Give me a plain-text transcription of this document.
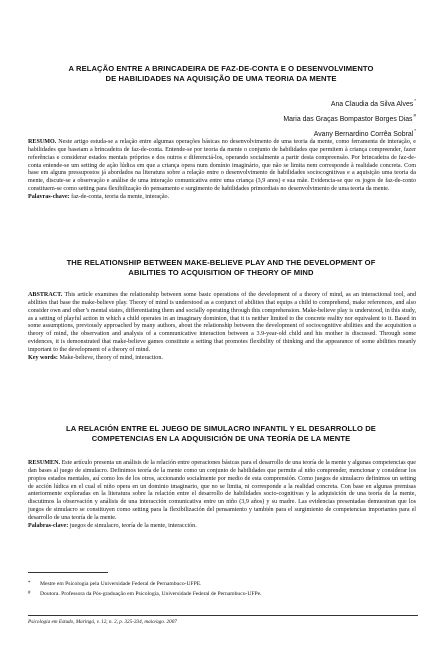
A RELAÇÃO ENTRE A BRINCADEIRA DE FAZ-DE-CONTA E O DESENVOLVIMENTO
DE HABILIDADES NA AQUISIÇÃO DE UMA TEORIA DA MENTE
Ana Claudia da Silva Alves*
Maria das Graças Bompastor Borges Dias#
Avany Bernardino Corrêa Sobral*
RESUMO. Neste artigo estuda-se a relação entre algumas operações básicas no desenvolvimento de uma teoria da mente, como ferramenta de interação, e habilidades que baseiam a brincadeira de faz-de-conta. Entende-se por teoria da mente o conjunto de habilidades que permitem à criança compreender, fazer referências e considerar estados mentais próprios e dos outros e diferenciá-los, operando socialmente a partir desta compreensão. Por brincadeira de faz-de-conta entende-se um setting de ação lúdica em que a criança opera num domínio imaginário, que não se limita nem corresponde à realidade concreta. Com base em alguns pressupostos já abordados na literatura sobre a relação entre o desenvolvimento de habilidades sociocognitivas e a aquisição uma teoria da mente, discute-se a observação e análise de uma interação comunicativa entre uma criança (3,9 anos) e sua mãe. Evidencia-se que os jogos de faz-de-conto constituem-se como setting para flexibilização do pensamento e surgimento de habilidades primordiais no desenvolvimento de uma teoria da mente.
Palavras-chave: faz-de-conta, teoria da mente, interação.
THE RELATIONSHIP BETWEEN MAKE-BELIEVE PLAY AND THE DEVELOPMENT OF
ABILITIES TO ACQUISITION OF THEORY OF MIND
ABSTRACT. This article examines the relationship between some basic operations of the development of a theory of mind, as an interactional tool, and abilities that base the make-believe play. Theory of mind is understood as a conjunct of abilities that equips a child to comprehend, make references, and also consider own and other’s mental states, differentiating them and socially operating through this comprehension. Make-believe play is understood, in this study, as a setting of playful action in which a child operates in an imaginary dominion, that it is neither limited to the concrete reality nor equivalent to it. Based in some assumptions, previously approached by many authors, about the relationship between the development of sociocognitive abilities and the acquisition a theory of mind, the observation and analysis of a communicative interaction between a 3.9-year-old child and his mother is discussed. Through some evidences, it is demonstrated that make-believe games constitute a setting that promotes flexibility of thinking and the appearance of some abilities meanly important to the development of a theory of mind.
Key words: Make-believe, theory of mind, interaction.
LA RELACIÓN ENTRE EL JUEGO DE SIMULACRO INFANTIL Y EL DESARROLLO DE
COMPETENCIAS EN LA ADQUISICIÓN DE UNA TEORÍA DE LA MENTE
RESUMEN. Este artículo presenta un análisis de la relación entre operaciones básicas para el desarrollo de una teoría de la mente y algunas competencias que dan bases al juego de simulacro. Definimos teoría de la mente como un conjunto de habilidades que permite al niño comprender, mencionar y considerar los propios estados mentales, así como los de los otros, accionando socialmente por medio de esta comprensión. Como juegos de simulacro definimos un setting de acción lúdica en el cual el niño opera en un dominio imaginario, que no se limita, ni corresponde a la realidad concreta. Con base en algunas premisas anteriormente exploradas en la literatura sobre la relación entre el desarrollo de habilidades socio-cognitivas y la adquisición de una teoría de la mente, discutimos la observación y análisis de una interacción comunicativa entre un niño (3,9 años) y su madre. Las evidencias presentadas demuestran que los juegos de simulacro se constituyen como setting para la flexibilización del pensamiento y también para el surgimiento de competencias importantes para el desarrollo de una teoría de la mente.
Palabras-clave: juegos de simulacro, teoría de la mente, interacción.
* Mestre em Psicologia pela Universidade Federal de Pernambuco-UFPE.
# Doutora. Professora da Pós-graduação em Psicologia, Universidade Federal de Pernambuco-UFPe.
Psicologia em Estudo, Maringá, v. 12, n. 2, p. 325-334, maio/ago. 2007
